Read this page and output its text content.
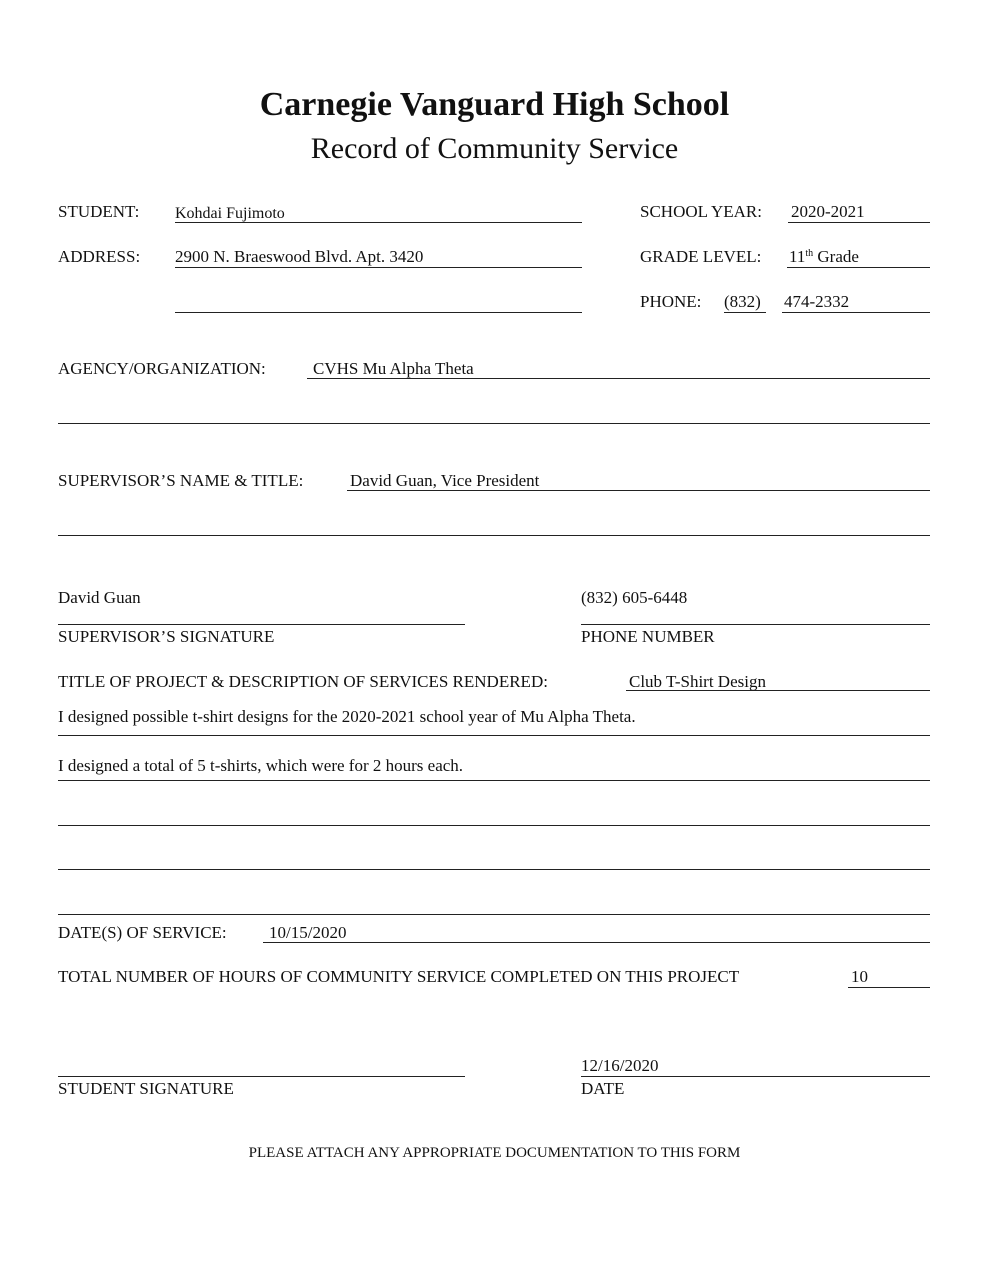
Carnegie Vanguard High School
Record of Community Service
STUDENT: Kohdai Fujimoto
ADDRESS: 2900 N. Braeswood Blvd. Apt. 3420
SCHOOL YEAR: 2020-2021
GRADE LEVEL: 11th Grade
PHONE: (832) 474-2332
AGENCY/ORGANIZATION:	CVHS Mu Alpha Theta
SUPERVISOR’S NAME & TITLE:	David Guan, Vice President
David Guan
SUPERVISOR’S SIGNATURE
(832) 605-6448
PHONE NUMBER
TITLE OF PROJECT & DESCRIPTION OF SERVICES RENDERED:	Club T-Shirt Design
I designed possible t-shirt designs for the 2020-2021 school year of Mu Alpha Theta.
I designed a total of 5 t-shirts, which were for 2 hours each.
DATE(S) OF SERVICE: 10/15/2020
TOTAL NUMBER OF HOURS OF COMMUNITY SERVICE COMPLETED ON THIS PROJECT	10
STUDENT SIGNATURE
12/16/2020
DATE
PLEASE ATTACH ANY APPROPRIATE DOCUMENTATION TO THIS FORM
